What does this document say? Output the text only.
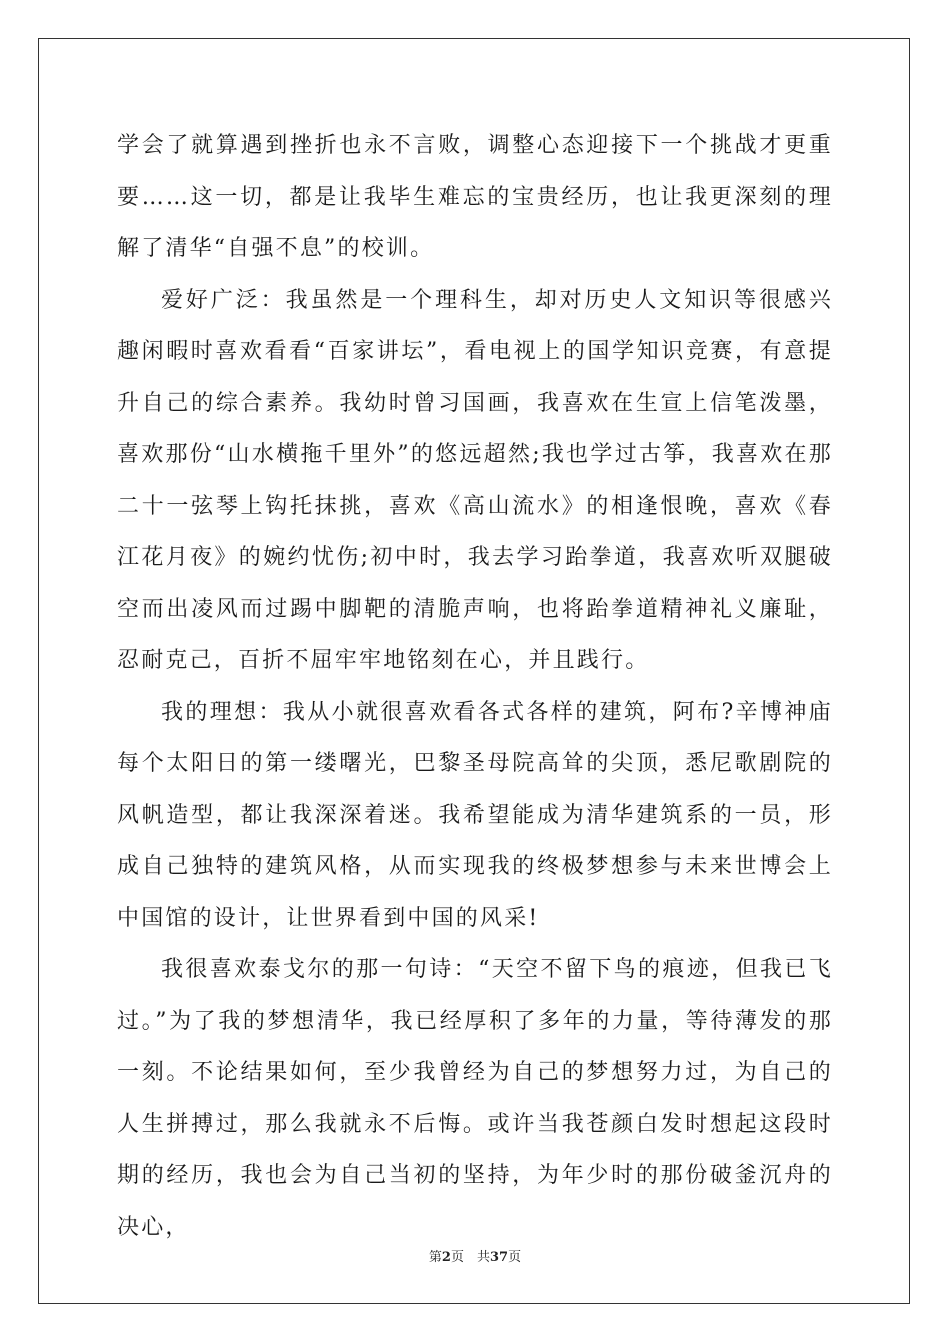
学会了就算遇到挫折也永不言败，调整心态迎接下一个挑战才更重要……这一切，都是让我毕生难忘的宝贵经历，也让我更深刻的理解了清华“自强不息”的校训。

爱好广泛：我虽然是一个理科生，却对历史人文知识等很感兴趣闲暇时喜欢看看“百家讲坛”，看电视上的国学知识竞赛，有意提升自己的综合素养。我幼时曾习国画，我喜欢在生宣上信笔泼墨，喜欢那份“山水横拖千里外”的悠远超然;我也学过古筝，我喜欢在那二十一弦琴上钩托抹挑，喜欢《高山流水》的相逢恨晚，喜欢《春江花月夜》的婉约忧伤;初中时，我去学习跆拳道，我喜欢听双腿破空而出凌风而过踢中脚靶的清脆声响，也将跆拳道精神礼义廉耻，忍耐克己，百折不屈牢牢地铭刻在心，并且践行。

我的理想：我从小就很喜欢看各式各样的建筑，阿布?辛博神庙每个太阳日的第一缕曙光，巴黎圣母院高耸的尖顶，悉尼歌剧院的风帆造型，都让我深深着迷。我希望能成为清华建筑系的一员，形成自己独特的建筑风格，从而实现我的终极梦想参与未来世博会上中国馆的设计，让世界看到中国的风采!

我很喜欢泰戈尔的那一句诗：“天空不留下鸟的痕迹，但我已飞过。”为了我的梦想清华，我已经厚积了多年的力量，等待薄发的那一刻。不论结果如何，至少我曾经为自己的梦想努力过，为自己的人生拼搏过，那么我就永不后悔。或许当我苍颜白发时想起这段时期的经历，我也会为自己当初的坚持，为年少时的那份破釜沉舟的决心，

第2页　共37页
